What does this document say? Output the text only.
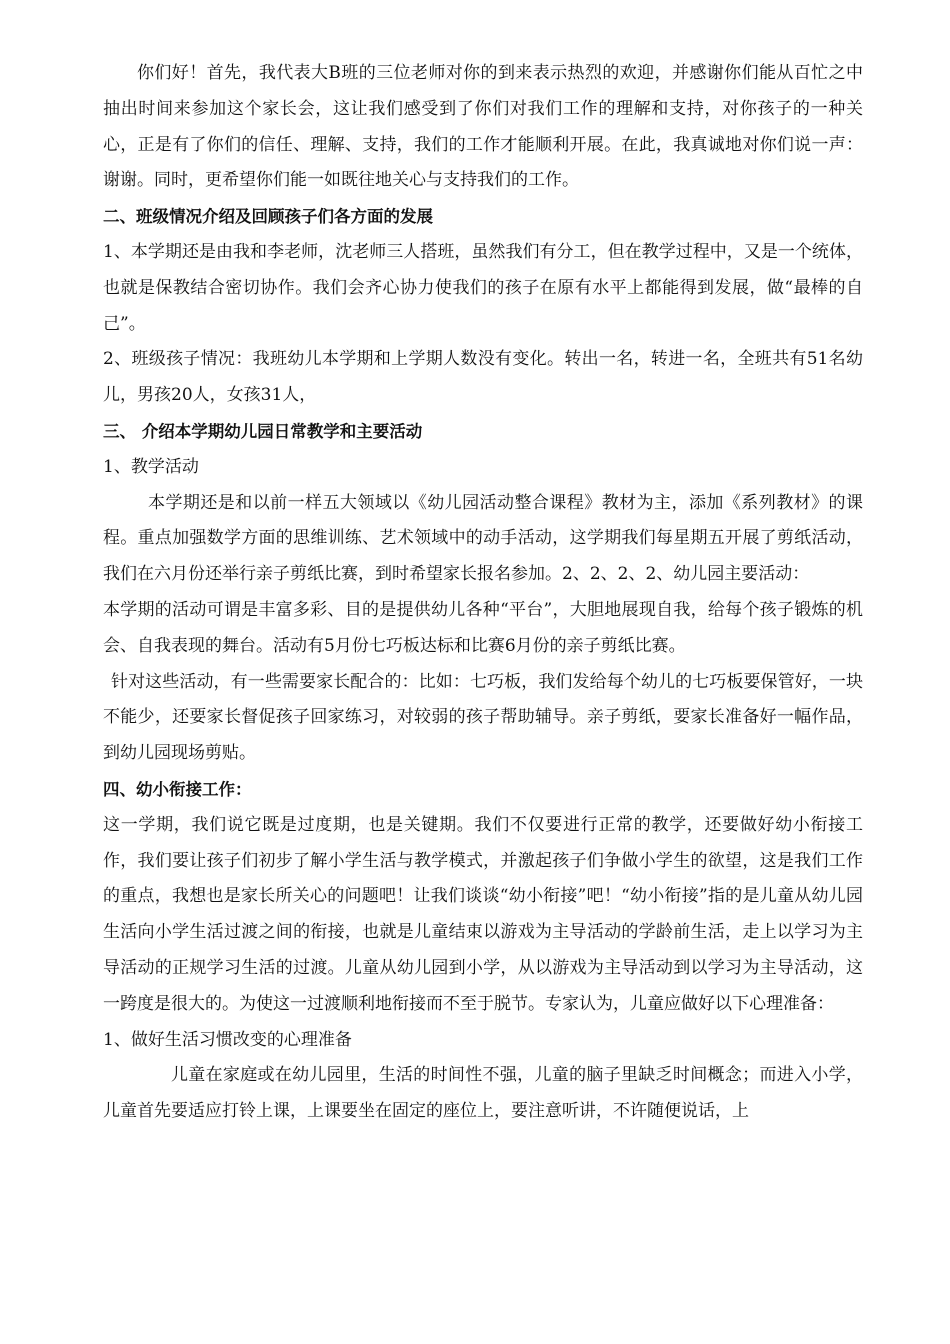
你们好！首先，我代表大B班的三位老师对你的到来表示热烈的欢迎，并感谢你们能从百忙之中抽出时间来参加这个家长会，这让我们感受到了你们对我们工作的理解和支持，对你孩子的一种关心，正是有了你们的信任、理解、支持，我们的工作才能顺利开展。在此，我真诚地对你们说一声：谢谢。同时，更希望你们能一如既往地关心与支持我们的工作。

二、班级情况介绍及回顾孩子们各方面的发展

1、本学期还是由我和李老师，沈老师三人搭班，虽然我们有分工，但在教学过程中，又是一个统体，也就是保教结合密切协作。我们会齐心协力使我们的孩子在原有水平上都能得到发展，做“最棒的自己”。

2、班级孩子情况：我班幼儿本学期和上学期人数没有变化。转出一名，转进一名，全班共有51名幼儿，男孩20人，女孩31人，

三、 介绍本学期幼儿园日常教学和主要活动

1、教学活动

本学期还是和以前一样五大领域以《幼儿园活动整合课程》教材为主，添加《系列教材》的课程。重点加强数学方面的思维训练、艺术领域中的动手活动，这学期我们每星期五开展了剪纸活动，我们在六月份还举行亲子剪纸比赛，到时希望家长报名参加。2、2、2、2、幼儿园主要活动：

本学期的活动可谓是丰富多彩、目的是提供幼儿各种“平台”，大胆地展现自我，给每个孩子锻炼的机会、自我表现的舞台。活动有5月份七巧板达标和比赛6月份的亲子剪纸比赛。

针对这些活动，有一些需要家长配合的：比如：七巧板，我们发给每个幼儿的七巧板要保管好，一块不能少，还要家长督促孩子回家练习，对较弱的孩子帮助辅导。亲子剪纸，要家长准备好一幅作品，到幼儿园现场剪贴。

四、幼小衔接工作：

这一学期，我们说它既是过度期，也是关键期。我们不仅要进行正常的教学，还要做好幼小衔接工作，我们要让孩子们初步了解小学生活与教学模式，并激起孩子们争做小学生的欲望，这是我们工作的重点，我想也是家长所关心的问题吧！让我们谈谈“幼小衔接”吧！“幼小衔接”指的是儿童从幼儿园生活向小学生活过渡之间的衔接，也就是儿童结束以游戏为主导活动的学龄前生活，走上以学习为主导活动的正规学习生活的过渡。儿童从幼儿园到小学，从以游戏为主导活动到以学习为主导活动，这一跨度是很大的。为使这一过渡顺利地衔接而不至于脱节。专家认为，儿童应做好以下心理准备：

1、做好生活习惯改变的心理准备

儿童在家庭或在幼儿园里，生活的时间性不强，儿童的脑子里缺乏时间概念；而进入小学，儿童首先要适应打铃上课，上课要坐在固定的座位上，要注意听讲，不许随便说话，上
